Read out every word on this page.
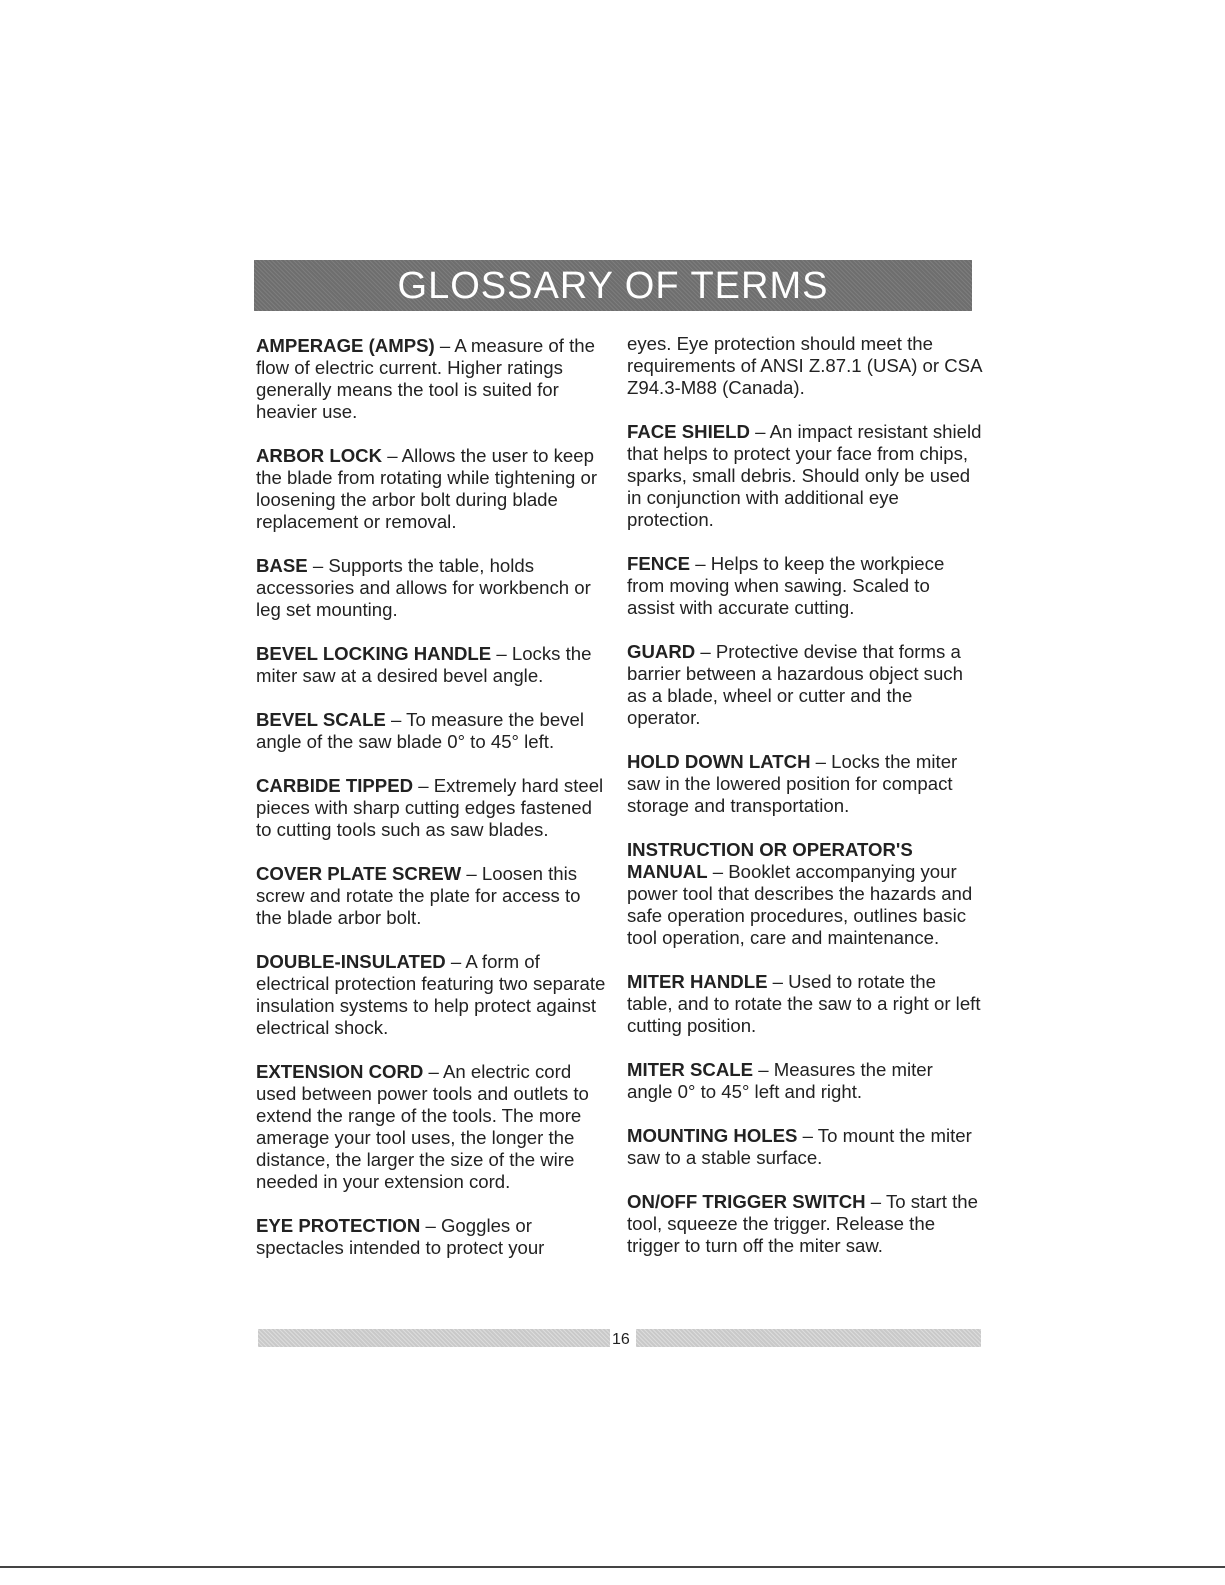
GLOSSARY OF TERMS

AMPERAGE (AMPS) – A measure of the flow of electric current. Higher ratings generally means the tool is suited for heavier use.

ARBOR LOCK – Allows the user to keep the blade from rotating while tightening or loosening the arbor bolt during blade replacement or removal.

BASE – Supports the table, holds accessories and allows for workbench or leg set mounting.

BEVEL LOCKING HANDLE – Locks the miter saw at a desired bevel angle.

BEVEL SCALE – To measure the bevel angle of the saw blade 0° to 45° left.

CARBIDE TIPPED – Extremely hard steel pieces with sharp cutting edges fastened to cutting tools such as saw blades.

COVER PLATE SCREW – Loosen this screw and rotate the plate for access to the blade arbor bolt.

DOUBLE-INSULATED – A form of electrical protection featuring two separate insulation systems to help protect against electrical shock.

EXTENSION CORD – An electric cord used between power tools and outlets to extend the range of the tools. The more amerage your tool uses, the longer the distance, the larger the size of the wire needed in your extension cord.

EYE PROTECTION – Goggles or spectacles intended to protect your

eyes. Eye protection should meet the requirements of ANSI Z.87.1 (USA) or CSA Z94.3-M88 (Canada).

FACE SHIELD – An impact resistant shield that helps to protect your face from chips, sparks, small debris. Should only be used in conjunction with additional eye protection.

FENCE – Helps to keep the workpiece from moving when sawing. Scaled to assist with accurate cutting.

GUARD – Protective devise that forms a barrier between a hazardous object such as a blade, wheel or cutter and the operator.

HOLD DOWN LATCH – Locks the miter saw in the lowered position for compact storage and transportation.

INSTRUCTION OR OPERATOR'S MANUAL – Booklet accompanying your power tool that describes the hazards and safe operation procedures, outlines basic tool operation, care and maintenance.

MITER HANDLE – Used to rotate the table, and to rotate the saw to a right or left cutting position.

MITER SCALE – Measures the miter angle 0° to 45° left and right.

MOUNTING HOLES – To mount the miter saw to a stable surface.

ON/OFF TRIGGER SWITCH – To start the tool, squeeze the trigger. Release the trigger to turn off the miter saw.

16
